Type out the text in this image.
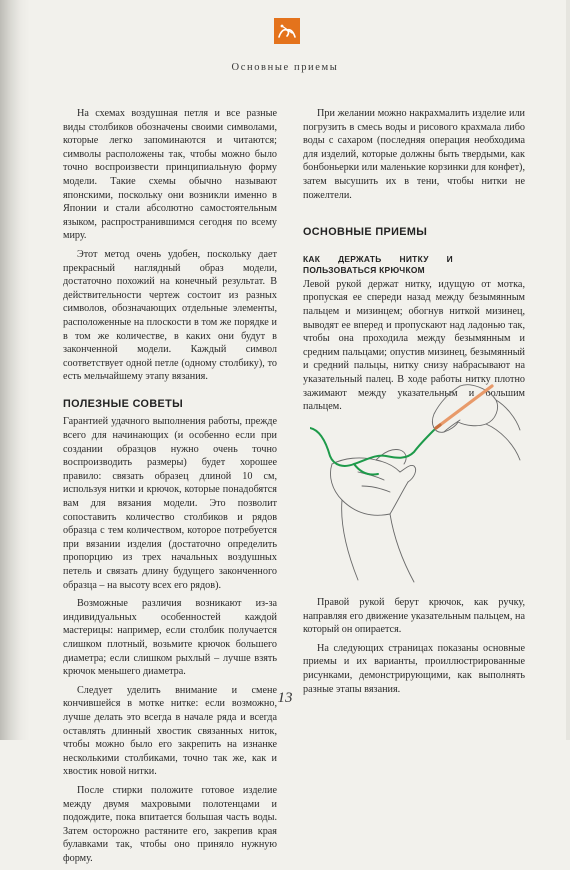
Основные приемы

На схемах воздушная петля и все разные виды столбиков обозначены своими символами, которые легко запоминаются и читаются; символы расположены так, чтобы можно было точно воспроизвести принципиальную форму модели. Такие схемы обычно называют японскими, поскольку они возникли именно в Японии и стали абсолютно самостоятельным языком, распространившимся сегодня по всему миру.

Этот метод очень удобен, поскольку дает прекрасный наглядный образ модели, достаточно похожий на конечный результат. В действительности чертеж состоит из разных символов, обозначающих отдельные элементы, расположенные на плоскости в том же порядке и в том же количестве, в каких они будут в законченной модели. Каждый символ соответствует одной петле (одному столбику), то есть мельчайшему этапу вязания.

ПОЛЕЗНЫЕ СОВЕТЫ

Гарантией удачного выполнения работы, прежде всего для начинающих (и особенно если при создании образцов нужно очень точно воспроизводить размеры) будет хорошее правило: связать образец длиной 10 см, используя нитки и крючок, которые понадобятся вам для вязания модели. Это позволит сопоставить количество столбиков и рядов образца с тем количеством, которое потребуется при вязании изделия (достаточно определить пропорцию из трех начальных воздушных петель и связать длину будущего законченного образца – на высоту всех его рядов).

Возможные различия возникают из-за индивидуальных особенностей каждой мастерицы: например, если столбик получается слишком плотный, возьмите крючок большего диаметра; если слишком рыхлый – лучше взять крючок меньшего диаметра.

Следует уделить внимание и смене кончившейся в мотке нитке: если возможно, лучше делать это всегда в начале ряда и всегда оставлять длинный хвостик связанных ниток, чтобы можно было его закрепить на изнанке несколькими столбиками, точно так же, как и хвостик новой нитки.

После стирки положите готовое изделие между двумя махровыми полотенцами и подождите, пока впитается большая часть воды. Затем осторожно растяните его, закрепив края булавками так, чтобы оно приняло нужную форму.

При желании можно накрахмалить изделие или погрузить в смесь воды и рисового крахмала либо воды с сахаром (последняя операция необходима для изделий, которые должны быть твердыми, как бонбоньерки или маленькие корзинки для конфет), затем высушить их в тени, чтобы нитки не пожелтели.

ОСНОВНЫЕ ПРИЕМЫ
КАК ДЕРЖАТЬ НИТКУ И ПОЛЬЗОВАТЬСЯ КРЮЧКОМ

Левой рукой держат нитку, идущую от мотка, пропуская ее спереди назад между безымянным пальцем и мизинцем; обогнув ниткой мизинец, выводят ее вперед и пропускают над ладонью так, чтобы она проходила между безымянным и средним пальцами; опустив мизинец, безымянный и средний пальцы, нитку снизу набрасывают на указательный палец. В ходе работы нитку плотно зажимают между указательным и большим пальцем.

Правой рукой берут крючок, как ручку, направляя его движение указательным пальцем, на который он опирается.

На следующих страницах показаны основные приемы и их варианты, проиллюстрированные рисунками, демонстрирующими, как выполнять разные этапы вязания.

13
